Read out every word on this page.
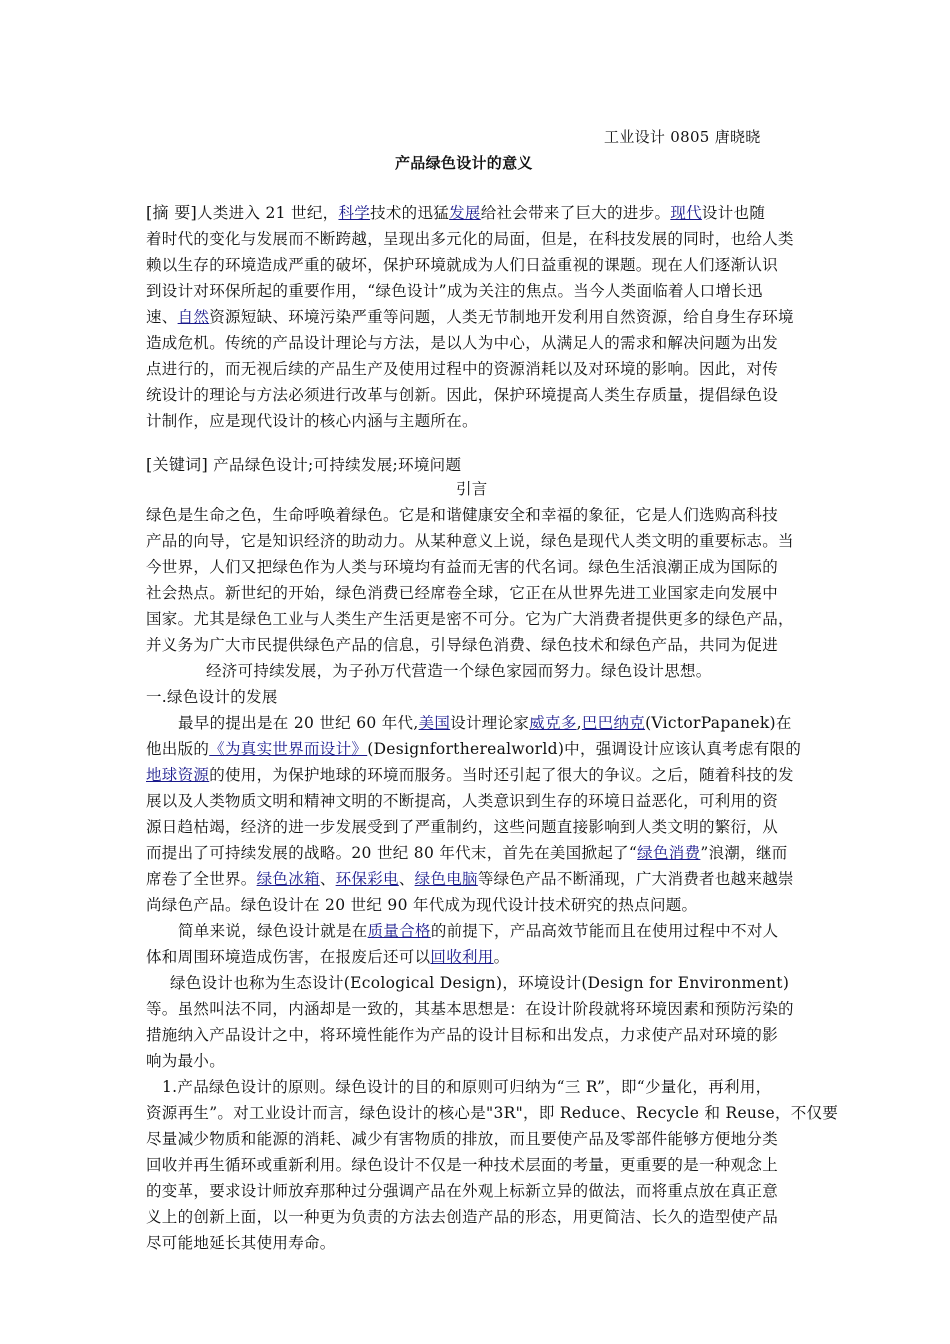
工业设计 0805 唐晓晓
产品绿色设计的意义
[摘 要]人类进入 21 世纪，科学技术的迅猛发展给社会带来了巨大的进步。现代设计也随
着时代的变化与发展而不断跨越，呈现出多元化的局面，但是，在科技发展的同时，也给人类
赖以生存的环境造成严重的破坏，保护环境就成为人们日益重视的课题。现在人们逐渐认识
到设计对环保所起的重要作用，“绿色设计”成为关注的焦点。当今人类面临着人口增长迅
速、自然资源短缺、环境污染严重等问题，人类无节制地开发利用自然资源，给自身生存环境
造成危机。传统的产品设计理论与方法，是以人为中心，从满足人的需求和解决问题为出发
点进行的，而无视后续的产品生产及使用过程中的资源消耗以及对环境的影响。因此，对传
统设计的理论与方法必须进行改革与创新。因此，保护环境提高人类生存质量，提倡绿色设
计制作，应是现代设计的核心内涵与主题所在。
[关键词] 产品绿色设计;可持续发展;环境问题
引言
绿色是生命之色，生命呼唤着绿色。它是和谐健康安全和幸福的象征，它是人们选购高科技
产品的向导，它是知识经济的助动力。从某种意义上说，绿色是现代人类文明的重要标志。当
今世界，人们又把绿色作为人类与环境均有益而无害的代名词。绿色生活浪潮正成为国际的
社会热点。新世纪的开始，绿色消费已经席卷全球，它正在从世界先进工业国家走向发展中
国家。尤其是绿色工业与人类生产生活更是密不可分。它为广大消费者提供更多的绿色产品，
并义务为广大市民提供绿色产品的信息，引导绿色消费、绿色技术和绿色产品，共同为促进
经济可持续发展，为子孙万代营造一个绿色家园而努力。绿色设计思想。
一.绿色设计的发展
最早的提出是在 20 世纪 60 年代,美国设计理论家威克多,巴巴纳克(VictorPapanek)在
他出版的《为真实世界而设计》(Designfortherealworld)中，强调设计应该认真考虑有限的
地球资源的使用，为保护地球的环境而服务。当时还引起了很大的争议。之后，随着科技的发
展以及人类物质文明和精神文明的不断提高，人类意识到生存的环境日益恶化，可利用的资
源日趋枯竭，经济的进一步发展受到了严重制约，这些问题直接影响到人类文明的繁衍，从
而提出了可持续发展的战略。20 世纪 80 年代末，首先在美国掀起了“绿色消费”浪潮，继而
席卷了全世界。绿色冰箱、环保彩电、绿色电脑等绿色产品不断涌现，广大消费者也越来越崇
尚绿色产品。绿色设计在 20 世纪 90 年代成为现代设计技术研究的热点问题。
简单来说，绿色设计就是在质量合格的前提下，产品高效节能而且在使用过程中不对人
体和周围环境造成伤害，在报废后还可以回收利用。
绿色设计也称为生态设计(Ecological Design)，环境设计(Design for Environment)
等。虽然叫法不同，内涵却是一致的，其基本思想是：在设计阶段就将环境因素和预防污染的
措施纳入产品设计之中，将环境性能作为产品的设计目标和出发点，力求使产品对环境的影
响为最小。
1.产品绿色设计的原则。绿色设计的目的和原则可归纳为“三 R”，即“少量化，再利用，
资源再生”。对工业设计而言，绿色设计的核心是"3R"，即 Reduce、Recycle 和 Reuse，不仅要
尽量减少物质和能源的消耗、减少有害物质的排放，而且要使产品及零部件能够方便地分类
回收并再生循环或重新利用。绿色设计不仅是一种技术层面的考量，更重要的是一种观念上
的变革，要求设计师放弃那种过分强调产品在外观上标新立异的做法，而将重点放在真正意
义上的创新上面，以一种更为负责的方法去创造产品的形态，用更简洁、长久的造型使产品
尽可能地延长其使用寿命。
